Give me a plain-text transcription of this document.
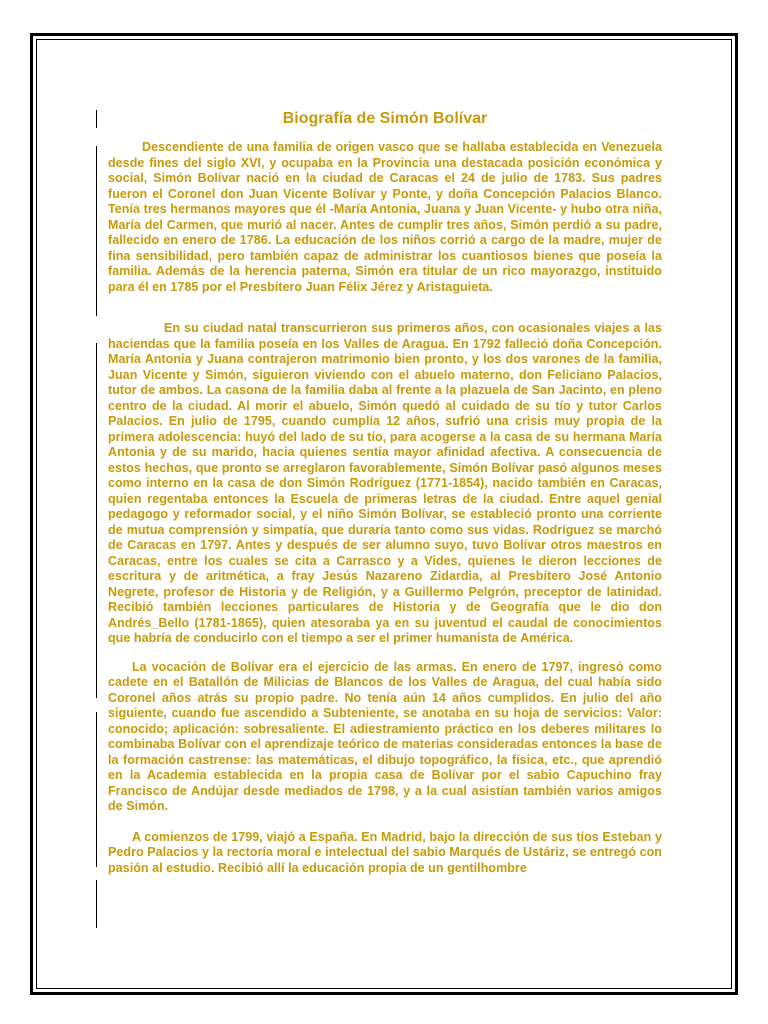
Biografía de Simón Bolívar

Descendiente de una familia de origen vasco que se hallaba establecida en Venezuela desde fines del siglo XVI, y ocupaba en la Provincia una destacada posición económica y social, Simón Bolívar nació en la ciudad de Caracas el 24 de julio de 1783. Sus padres fueron el Coronel don Juan Vicente Bolívar y Ponte, y doña Concepción Palacios Blanco. Tenía tres hermanos mayores que él -María Antonia, Juana y Juan Vicente- y hubo otra niña, María del Carmen, que murió al nacer. Antes de cumplir tres años, Simón perdió a su padre, fallecido en enero de 1786. La educación de los niños corrió a cargo de la madre, mujer de fina sensibilidad, pero también capaz de administrar los cuantiosos bienes que poseía la familia. Además de la herencia paterna, Simón era titular de un rico mayorazgo, instituido para él en 1785 por el Presbítero Juan Félix Jérez y Aristaguieta.

En su ciudad natal transcurrieron sus primeros años, con ocasionales viajes a las haciendas que la familia poseía en los Valles de Aragua. En 1792 falleció doña Concepción. María Antonia y Juana contrajeron matrimonio bien pronto, y los dos varones de la familia, Juan Vicente y Simón, siguieron viviendo con el abuelo materno, don Feliciano Palacios, tutor de ambos. La casona de la familia daba al frente a la plazuela de San Jacinto, en pleno centro de la ciudad. Al morir el abuelo, Simón quedó al cuidado de su tío y tutor Carlos Palacios. En julio de 1795, cuando cumplía 12 años, sufrió una crisis muy propia de la primera adolescencia: huyó del lado de su tío, para acogerse a la casa de su hermana María Antonia y de su marido, hacia quienes sentía mayor afinidad afectiva. A consecuencia de estos hechos, que pronto se arreglaron favorablemente, Simón Bolívar pasó algunos meses como interno en la casa de don Simón Rodríguez (1771-1854), nacido también en Caracas, quien regentaba entonces la Escuela de primeras letras de la ciudad. Entre aquel genial pedagogo y reformador social, y el niño Simón Bolívar, se estableció pronto una corriente de mutua comprensión y simpatía, que duraría tanto como sus vidas. Rodríguez se marchó de Caracas en 1797. Antes y después de ser alumno suyo, tuvo Bolívar otros maestros en Caracas, entre los cuales se cita a Carrasco y a Vides, quienes le dieron lecciones de escritura y de aritmética, a fray Jesús Nazareno Zidardia, al Presbítero José Antonio Negrete, profesor de Historia y de Religión, y a Guillermo Pelgrón, preceptor de latinidad. Recibió también lecciones particulares de Historia y de Geografía que le dio don Andrés_Bello (1781-1865), quien atesoraba ya en su juventud el caudal de conocimientos que habría de conducirlo con el tiempo a ser el primer humanista de América.

La vocación de Bolívar era el ejercicio de las armas. En enero de 1797, ingresó como cadete en el Batallón de Milicias de Blancos de los Valles de Aragua, del cual había sido Coronel años atrás su propio padre. No tenía aún 14 años cumplidos. En julio del año siguiente, cuando fue ascendido a Subteniente, se anotaba en su hoja de servicios: Valor: conocido; aplicación: sobresaliente. El adiestramiento práctico en los deberes militares lo combinaba Bolívar con el aprendizaje teórico de materias consideradas entonces la base de la formación castrense: las matemáticas, el dibujo topográfico, la física, etc., que aprendió en la Academia establecida en la propia casa de Bolívar por el sabio Capuchino fray Francisco de Andújar desde mediados de 1798, y a la cual asistían también varios amigos de Simón.

A comienzos de 1799, viajó a España. En Madrid, bajo la dirección de sus tíos Esteban y Pedro Palacios y la rectoría moral e intelectual del sabio Marqués de Ustáriz, se entregó con pasión al estudio. Recibió allí la educación propia de un gentilhombre
